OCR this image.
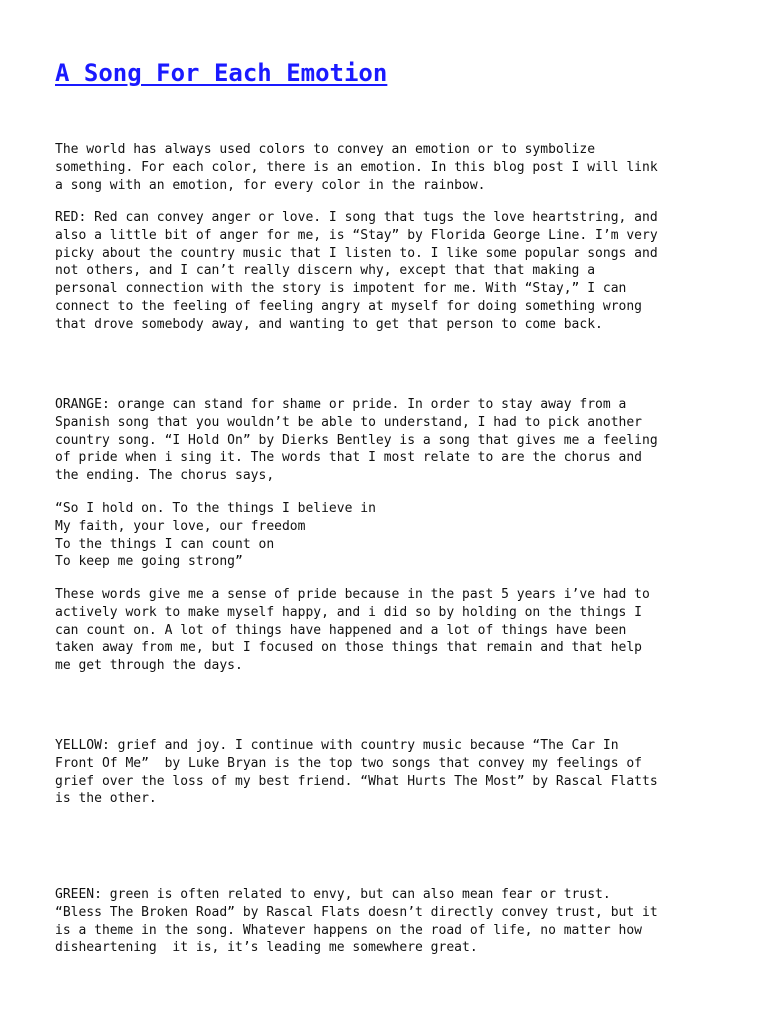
A Song For Each Emotion

The world has always used colors to convey an emotion or to symbolize
something. For each color, there is an emotion. In this blog post I will link
a song with an emotion, for every color in the rainbow.

RED: Red can convey anger or love. I song that tugs the love heartstring, and
also a little bit of anger for me, is “Stay” by Florida George Line. I’m very
picky about the country music that I listen to. I like some popular songs and
not others, and I can’t really discern why, except that that making a
personal connection with the story is impotent for me. With “Stay,” I can
connect to the feeling of feeling angry at myself for doing something wrong
that drove somebody away, and wanting to get that person to come back.

ORANGE: orange can stand for shame or pride. In order to stay away from a
Spanish song that you wouldn’t be able to understand, I had to pick another
country song. “I Hold On” by Dierks Bentley is a song that gives me a feeling
of pride when i sing it. The words that I most relate to are the chorus and
the ending. The chorus says,

“So I hold on. To the things I believe in
My faith, your love, our freedom
To the things I can count on
To keep me going strong”

These words give me a sense of pride because in the past 5 years i’ve had to
actively work to make myself happy, and i did so by holding on the things I
can count on. A lot of things have happened and a lot of things have been
taken away from me, but I focused on those things that remain and that help
me get through the days.

YELLOW: grief and joy. I continue with country music because “The Car In
Front Of Me”  by Luke Bryan is the top two songs that convey my feelings of
grief over the loss of my best friend. “What Hurts The Most” by Rascal Flatts
is the other.

GREEN: green is often related to envy, but can also mean fear or trust.
“Bless The Broken Road” by Rascal Flats doesn’t directly convey trust, but it
is a theme in the song. Whatever happens on the road of life, no matter how
disheartening  it is, it’s leading me somewhere great.
